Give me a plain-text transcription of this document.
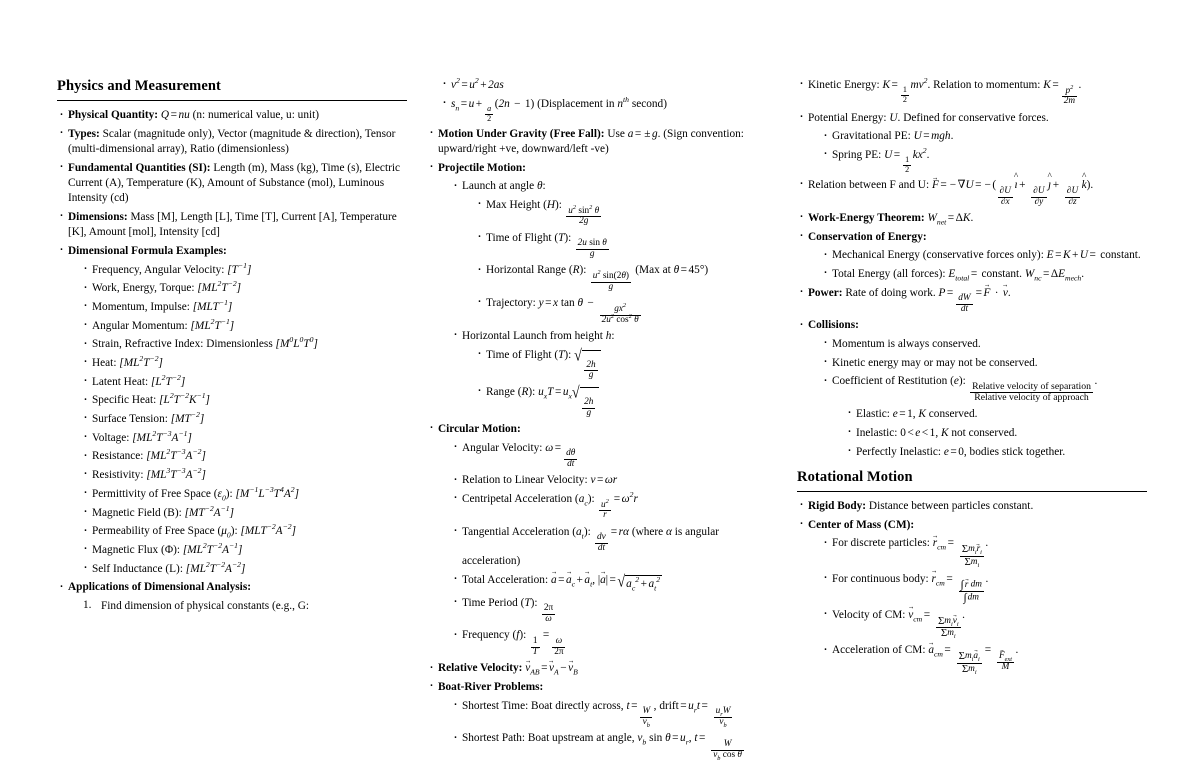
Physics and Measurement
· Physical Quantity: Q = nu (n: numerical value, u: unit)
· Types: Scalar (magnitude only), Vector (magnitude & direction), Tensor (multi-dimensional array), Ratio (dimensionless)
· Fundamental Quantities (SI): Length (m), Mass (kg), Time (s), Electric Current (A), Temperature (K), Amount of Substance (mol), Luminous Intensity (cd)
· Dimensions: Mass [M], Length [L], Time [T], Current [A], Temperature [K], Amount [mol], Intensity [cd]
· Dimensional Formula Examples:
· Frequency, Angular Velocity: $[T^{-1}]$
· Work, Energy, Torque: $[ML^2T^{-2}]$
· Momentum, Impulse: $[MLT^{-1}]$
· Angular Momentum: $[ML^2T^{-1}]$
· Strain, Refractive Index: Dimensionless $[M^0L^0T^0]$
· Heat: $[ML^2T^{-2}]$
· Latent Heat: $[L^2T^{-2}]$
· Specific Heat: $[L^2T^{-2}K^{-1}]$
· Surface Tension: $[MT^{-2}]$
· Voltage: $[ML^2T^{-3}A^{-1}]$
· Resistance: $[ML^2T^{-3}A^{-2}]$
· Resistivity: $[ML^3T^{-3}A^{-2}]$
· Permittivity of Free Space $(\varepsilon_0)$: $[M^{-1}L^{-3}T^4A^2]$
· Magnetic Field (B): $[MT^{-2}A^{-1}]$
· Permeability of Free Space $(\mu_0)$: $[MLT^{-2}A^{-2}]$
· Magnetic Flux (Φ): $[ML^2T^{-2}A^{-1}]$
· Self Inductance (L): $[ML^2T^{-2}A^{-2}]$
· Applications of Dimensional Analysis:
Find dimension of physical constants (e.g., G:
· $v^2 = u^2 + 2as$
· $s_n = u$ +
$\frac{a}{2}$
(2n − 1) (Displacement in $n^{th}$ second)
· Motion Under Gravity (Free Fall): Use a = ± g. (Sign convention: upward/right +ve, downward/left -ve)
· Projectile Motion:
· Launch at angle θ:
· Max Height (H):
$\frac{u^2 \sin^2 \theta}{2g}$
· Time of Flight (T):
$\frac{\text{2u sin θ}}{g}$
· Horizontal Range (R):
$\frac{u^2 \sin(2\theta)}{g}$
(Max at θ = 45°)
· Trajectory: y = x tan θ −
$\frac{gx^2}{2u^2 \cos^2 \theta}$
· Horizontal Launch from height h:
· Time of Flight (T): √
$\frac{2h}{g}$
· Range (R): $u_xT = u_x$ √
$\frac{2h}{g}$
· Circular Motion:
· Angular Velocity: ω =
$\frac{d\theta}{dt}$
· Relation to Linear Velocity: v = ωr
· Centripetal Acceleration $(a_c)$:
$\frac{u^2}{r}$
= $\omega^2r$
· Tangential Acceleration $(a_t)$:
$\frac{dv}{dt}$
= rα (where α is angular acceleration)
· Total Acceleration: a → = $a \to_c + a \to_t$, |a →| = √ $a_c^2 + a_t^2$
· Time Period (T):
$\frac{2\pi}{\omega}$
· Frequency (f):
$\frac{1}{T}$
=
$\frac{\omega}{2\pi}$
· Relative Velocity: $v \to_{AB} = v \to_A - v \to_B$
· Boat-River Problems:
· Shortest Time: Boat directly across, t =
$\frac{W}{v_b}$
, drift = $u_rt$ =
$\frac{u_rW}{v_b}$
· Shortest Path: Boat upstream at angle, $v_b$ $\sin \theta = u_r$, t =
$\frac{W}{v_b \cos \theta}$
· Kinetic Energy: K =
$\frac{1}{2}$
$mv^2$. Relation to momentum: K =
$\frac{p^2}{2m}$
.
· Potential Energy: U. Defined for conservative forces.
· Gravitational PE: U = mgh.
· Spring PE: U =
$\frac{1}{2}$
$kx^2$.
· Relation between F and U: F → = − ∇U = − (
$\frac{\partial U}{\partial x}$
ı ^ +
$\frac{\partial U}{\partial y}$
ȷ ^ +
$\frac{\partial U}{\partial z}$
k ^).
· Work-Energy Theorem: $W_{net} = \Delta K$.
· Conservation of Energy:
· Mechanical Energy (conservative forces only): E = K + U = constant.
· Total Energy (all forces): $E_{total}$ = constant. $W_{nc} = \Delta E_{mech}$.
· Power: Rate of doing work. P =
$\frac{dW}{dt}$
= F → · v →.
· Collisions:
· Momentum is always conserved.
· Kinetic energy may or may not be conserved.
· Coefficient of Restitution (e):
$\frac{\text{Relative velocity of separation}}{\text{Relative velocity of approach}}$
.
· Elastic: e = 1, K conserved.
· Inelastic: 0 < e < 1, K not conserved.
· Perfectly Inelastic: e = 0, bodies stick together.
Rotational Motion
· Rigid Body: Distance between particles constant.
· Center of Mass (CM):
· For discrete particles: $r \to_{cm}$ =
$\frac{\Sigma m_ir \to_i}{\Sigma m_i}$
.
· For continuous body: $r \to_{cm} = \frac{\int r \to dm}{\int dm}$ .
· Velocity of CM: $v \to_{cm}$ =
$\frac{\Sigma m_iv \to_i}{\Sigma m_i}$
.
· Acceleration of CM: $a \to_{cm}$ =
$\frac{\Sigma m_ia \to_i}{\Sigma m_i}$
=
$\frac{F \to_{ext}}{M}$
.
